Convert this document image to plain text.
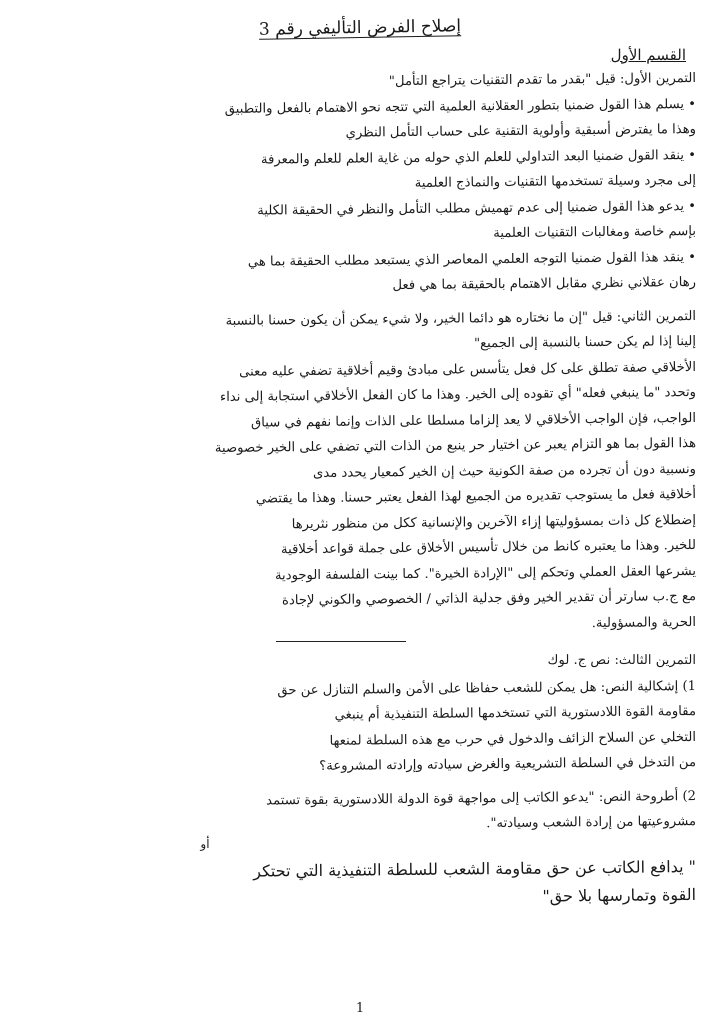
إصلاح الفرض التأليفي رقم 3
القسم الأول

التمرين الأول: قيل "بقدر ما تقدم التقنيات يتراجع التأمل"

• يسلم هذا القول ضمنيا بتطور العقلانية العلمية التي تتجه نحو الاهتمام بالفعل والتطبيق

وهذا ما يفترض أسبقية وأولوية التقنية على حساب التأمل النظري

• ينقد القول ضمنيا البعد التداولي للعلم الذي حوله من غاية العلم للعلم والمعرفة

إلى مجرد وسيلة تستخدمها التقنيات والنماذج العلمية

• يدعو هذا القول ضمنيا إلى عدم تهميش مطلب التأمل والنظر في الحقيقة الكلية

بإسم خاصة ومغالبات التقنيات العلمية

• ينقد هذا القول ضمنيا التوجه العلمي المعاصر الذي يستبعد مطلب الحقيقة بما هي

رهان عقلاني نظري مقابل الاهتمام بالحقيقة بما هي فعل

التمرين الثاني: قيل "إن ما نختاره هو دائما الخير، ولا شيء يمكن أن يكون حسنا بالنسبة

إلينا إذا لم يكن حسنا بالنسبة إلى الجميع"

الأخلاقي صفة تطلق على كل فعل يتأسس على مبادئ وقيم أخلاقية تضفي عليه معنى

وتحدد "ما ينبغي فعله" أي تقوده إلى الخير. وهذا ما كان الفعل الأخلاقي استجابة إلى نداء

الواجب، فإن الواجب الأخلاقي لا يعد إلزاما مسلطا على الذات وإنما نفهم في سياق

هذا القول بما هو التزام يعبر عن اختيار حر ينبع من الذات التي تضفي على الخير خصوصية

ونسبية دون أن تجرده من صفة الكونية حيث إن الخير كمعيار يحدد مدى

أخلاقية فعل ما يستوجب تقديره من الجميع لهذا الفعل يعتبر حسنا. وهذا ما يقتضي

إضطلاع كل ذات بمسؤوليتها إزاء الآخرين والإنسانية ككل من منظور نثريرها

للخير. وهذا ما يعتبره كانط من خلال تأسيس الأخلاق على جملة قواعد أخلاقية

يشرعها العقل العملي وتحكم إلى "الإرادة الخيرة". كما بينت الفلسفة الوجودية

مع ج.ب سارتر أن تقدير الخير وفق جدلية الذاتي / الخصوصي والكوني لإجادة

الحرية والمسؤولية.

التمرين الثالث: نص ج. لوك

1) إشكالية النص: هل يمكن للشعب حفاظا على الأمن والسلم التنازل عن حق

مقاومة القوة اللادستورية التي تستخدمها السلطة التنفيذية أم ينبغي

التخلي عن السلاح الزائف والدخول في حرب مع هذه السلطة لمنعها

من التدخل في السلطة التشريعية والغرض سيادته وإرادته المشروعة؟

2) أطروحة النص: "يدعو الكاتب إلى مواجهة قوة الدولة اللادستورية بقوة تستمد

مشروعيتها من إرادة الشعب وسيادته".

أو

" يدافع الكاتب عن حق مقاومة الشعب للسلطة التنفيذية التي تحتكر

القوة وتمارسها بلا حق"

1
